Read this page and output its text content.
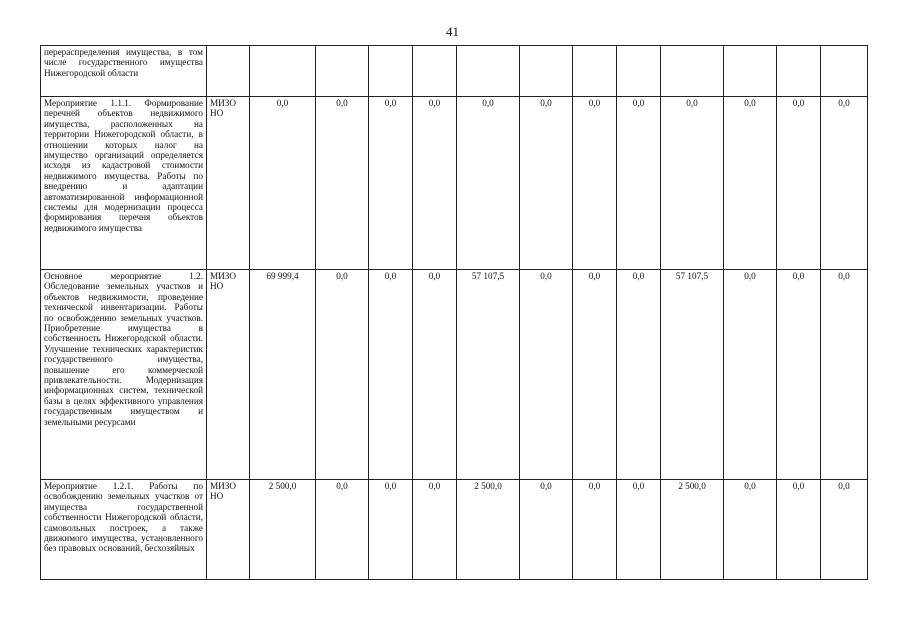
41
перераспределения имущества, в том числе государственного имущества Нижегородской области														

Мероприятие 1.1.1. Формирование перечней объектов недвижимого имущества, расположенных на территории Нижегородской области, в отношении которых налог на имущество организаций определяется исходя из кадастровой стоимости недвижимого имущества. Работы по внедрению и адаптации автоматизированной информационной системы для модернизации процесса формирования перечня объектов недвижимого имущества	МИЗО НО	0,0	0,0	0,0	0,0	0,0	0,0	0,0	0,0	0,0	0,0	0,0	0,0	

Основное мероприятие 1.2. Обследование земельных участков и объектов недвижимости, проведение технической инвентаризации. Работы по освобождению земельных участков. Приобретение имущества в собственность Нижегородской области. Улучшение технических характеристик государственного имущества, повышение его коммерческой привлекательности. Модернизация информационных систем, технической базы в целях эффективного управления государственным имуществом и земельными ресурсами	МИЗО НО	69 999,4	0,0	0,0	0,0	57 107,5	0,0	0,0	0,0	57 107,5	0,0	0,0	0,0	

Мероприятие 1.2.1. Работы по освобождению земельных участков от имущества государственной собственности Нижегородской области, самовольных построек, а также движимого имущества, установленного без правовых оснований, бесхозяйных	МИЗО НО	2 500,0	0,0	0,0	0,0	2 500,0	0,0	0,0	0,0	2 500,0	0,0	0,0	0,0	
